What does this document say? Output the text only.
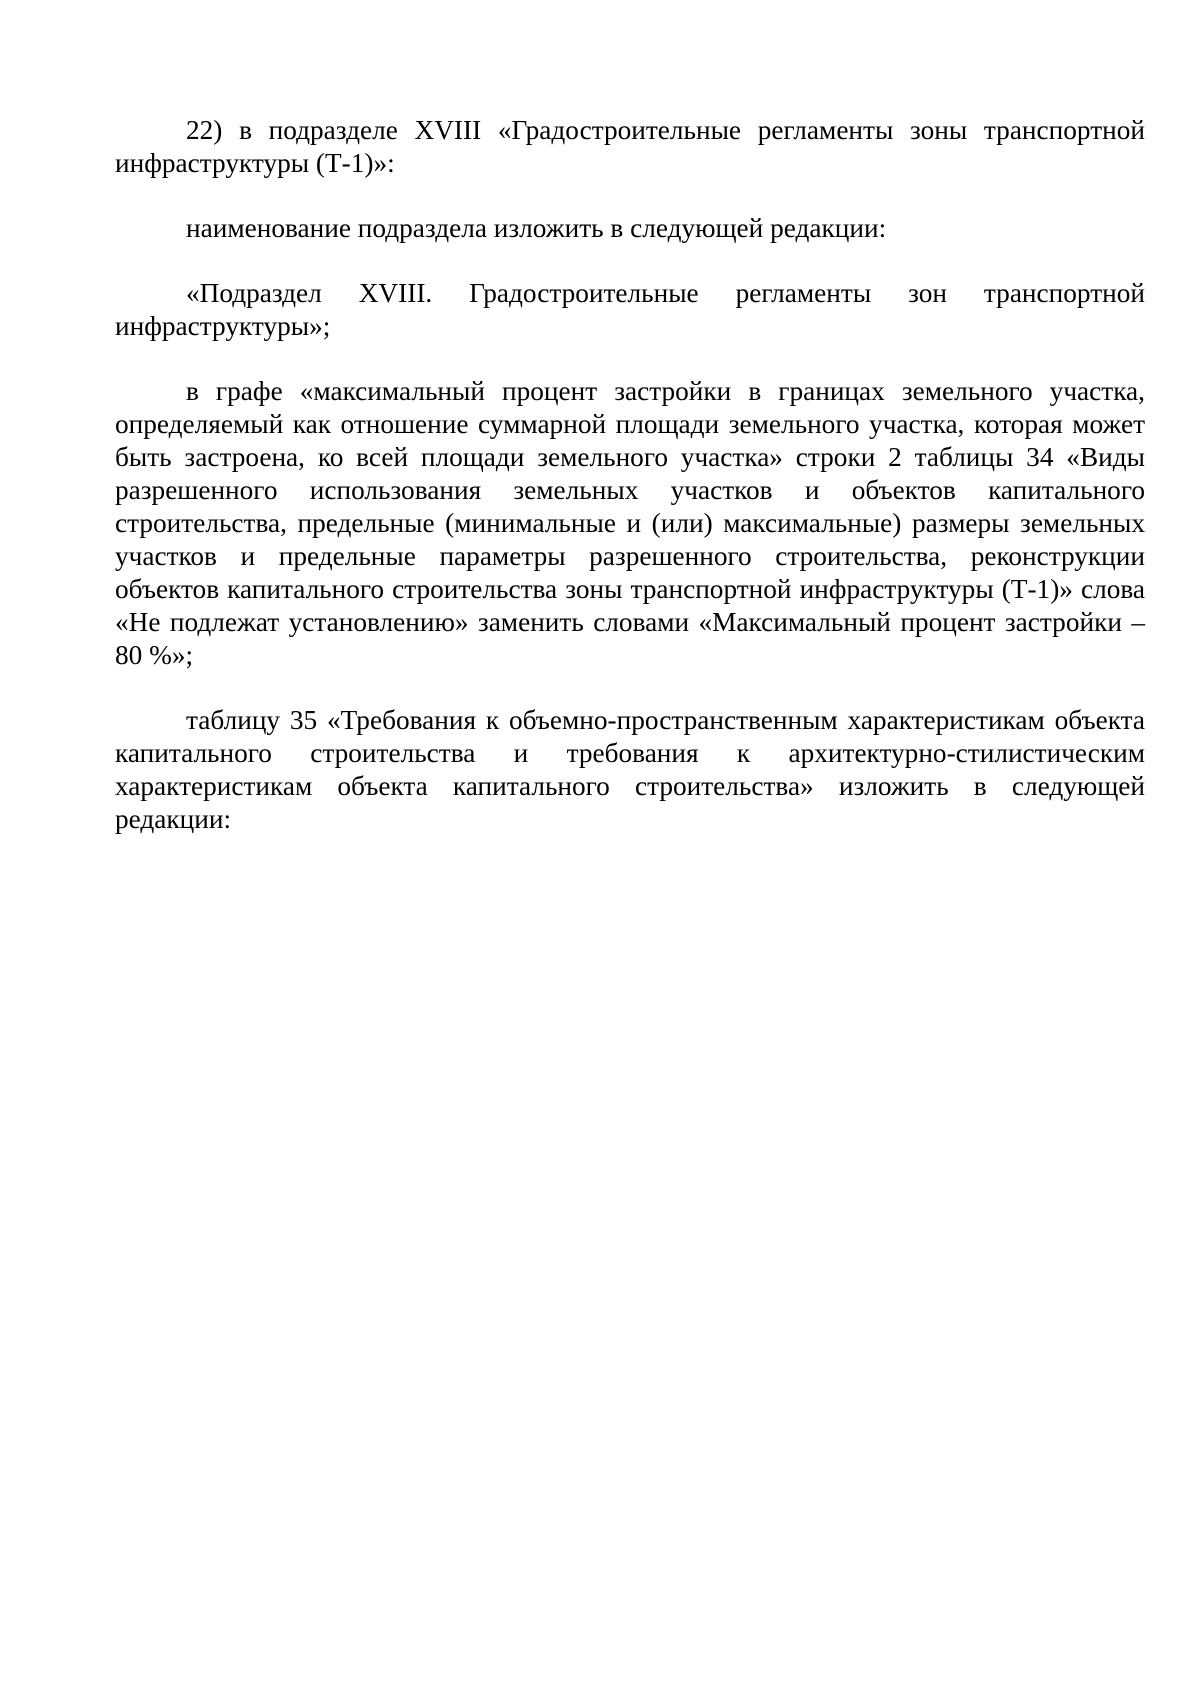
22) в подразделе XVIII «Градостроительные регламенты зоны транспортной инфраструктуры (Т-1)»:

наименование подраздела изложить в следующей редакции:

«Подраздел XVIII. Градостроительные регламенты зон транспортной инфраструктуры»;

в графе «максимальный процент застройки в границах земельного участка, определяемый как отношение суммарной площади земельного участка, которая может быть застроена, ко всей площади земельного участка» строки 2 таблицы 34 «Виды разрешенного использования земельных участков и объектов капитального строительства, предельные (минимальные и (или) максимальные) размеры земельных участков и предельные параметры разрешенного строительства, реконструкции объектов капитального строительства зоны транспортной инфраструктуры (Т-1)» слова «Не подлежат установлению» заменить словами «Максимальный процент застройки – 80 %»;

таблицу 35 «Требования к объемно-пространственным характеристикам объекта капитального строительства и требования к архитектурно-стилистическим характеристикам объекта капитального строительства» изложить в следующей редакции:
